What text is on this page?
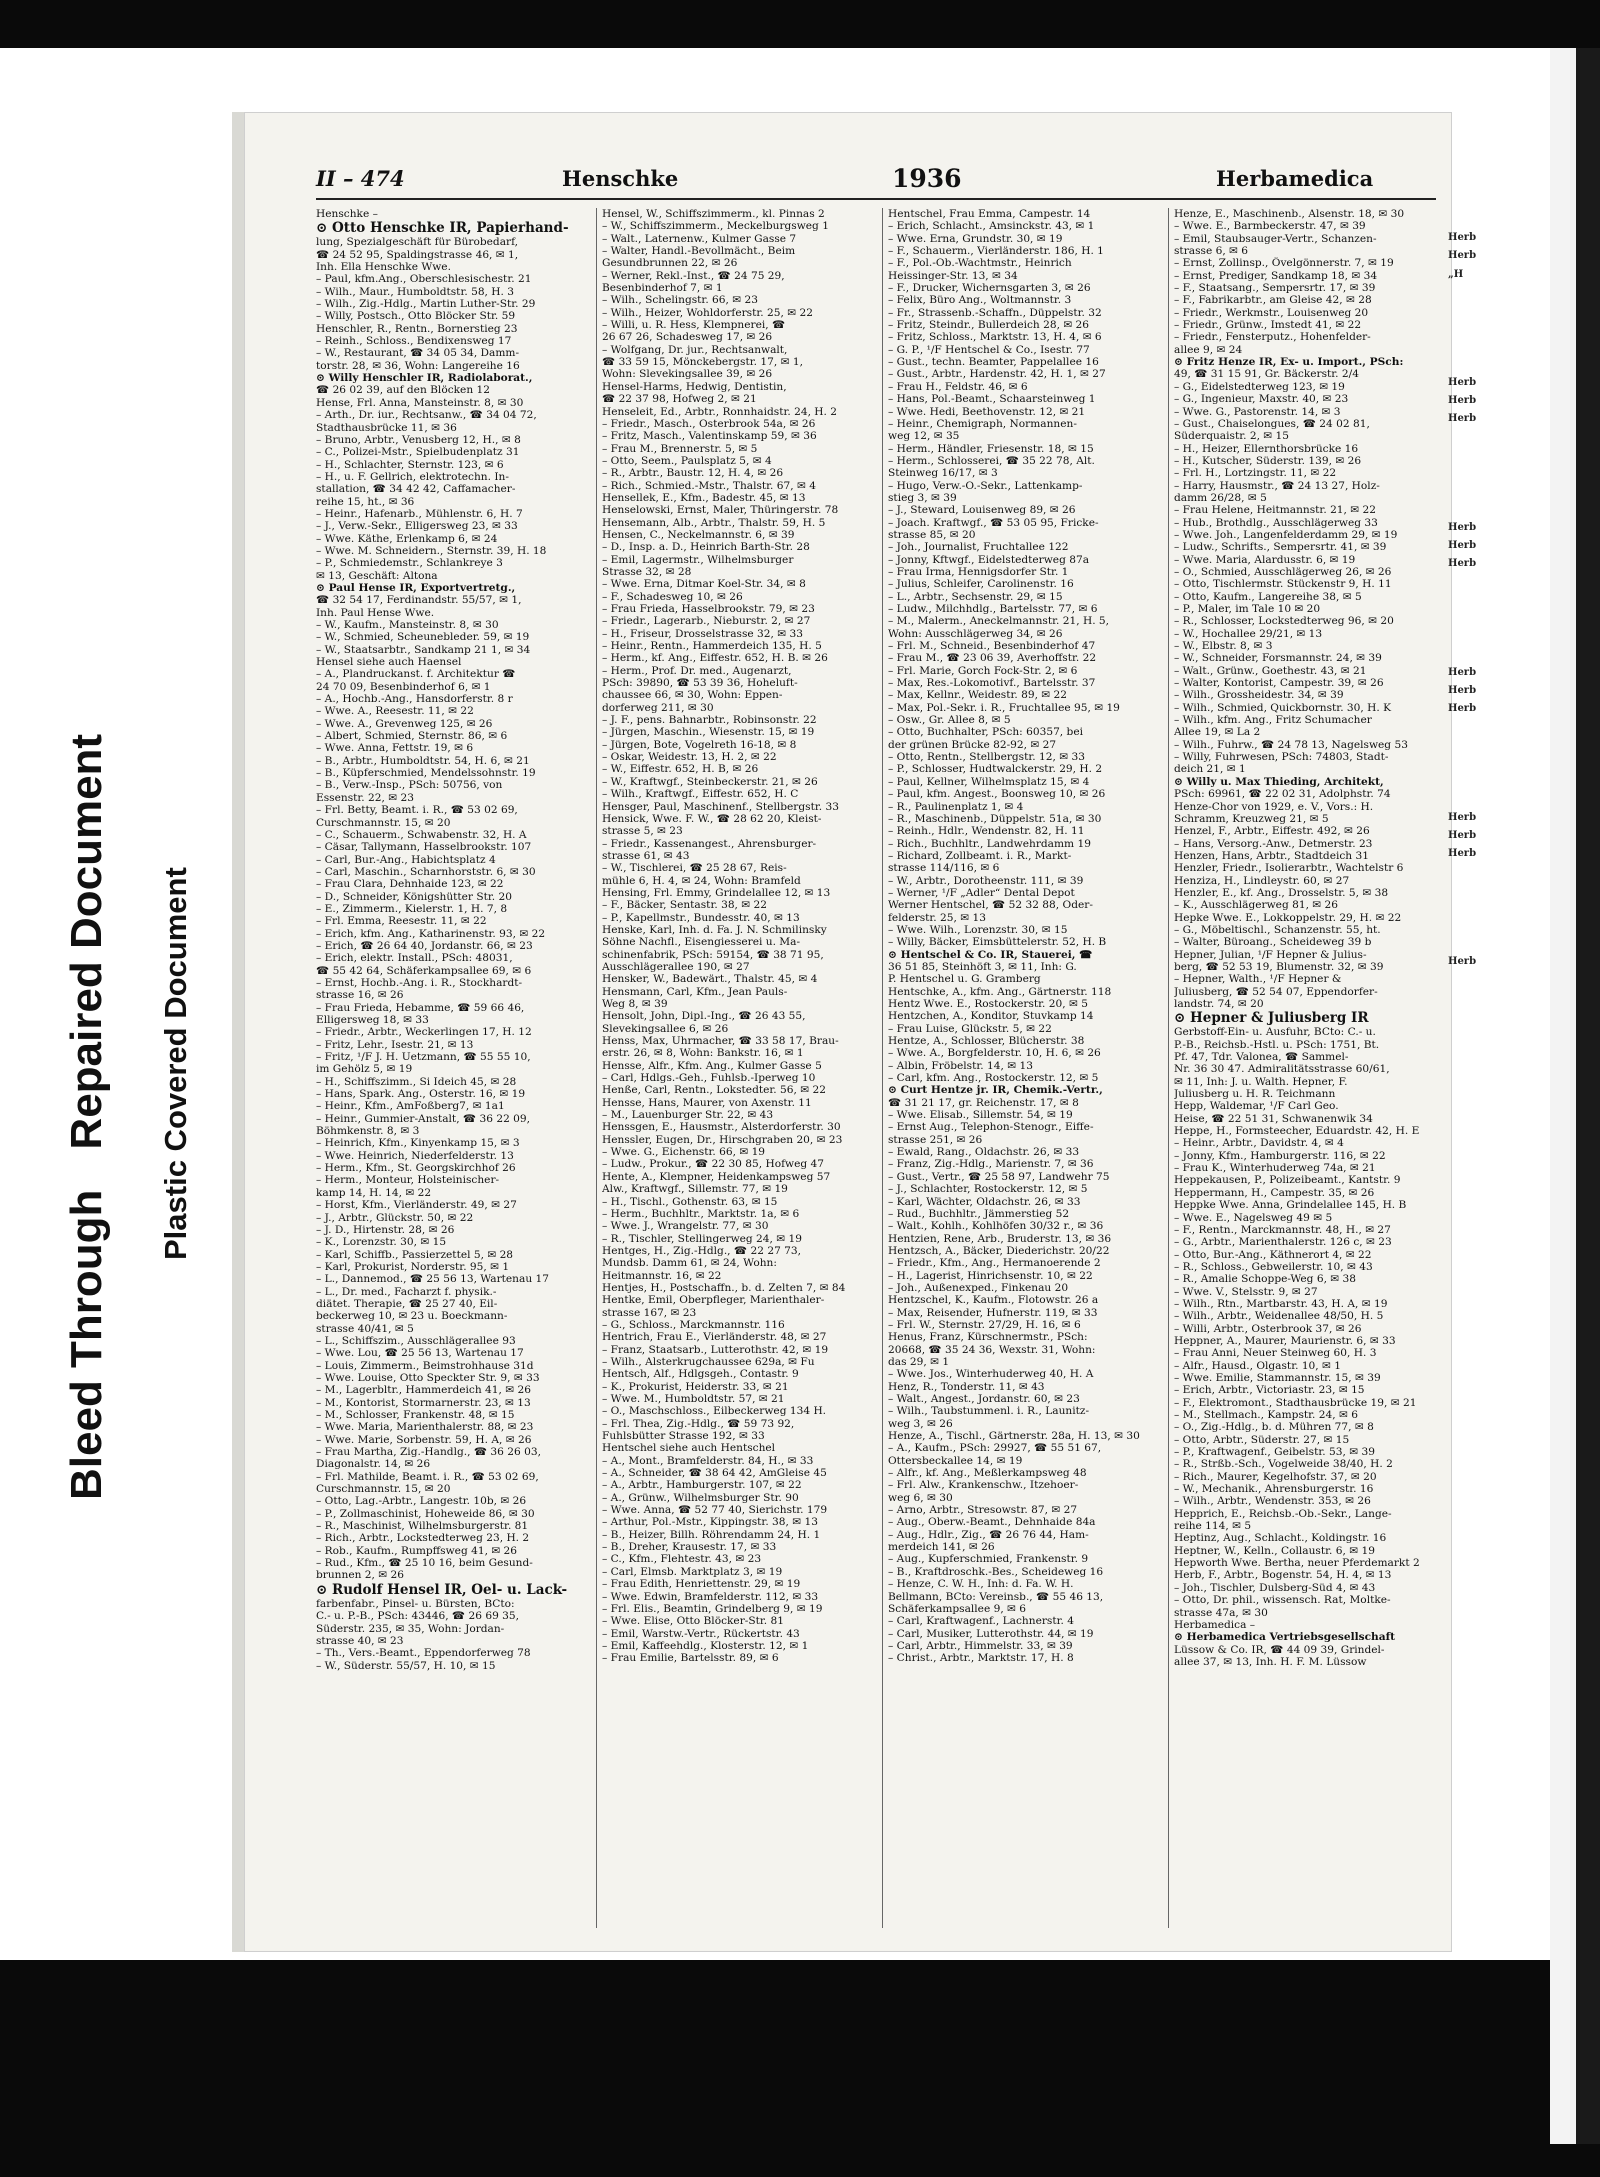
Bleed ThroughRepaired Document Plastic Covered Document
II – 474	Henschke	1936	Herbamedica
Henschke –
⊙ Otto Henschke IR, Papierhand-
lung, Spezialgeschäft für Bürobedarf,
☎ 24 52 95, Spaldingstrasse 46, ✉ 1,
Inh. Ella Henschke Wwe.
– Paul, kfm.Ang., Oberschlesischestr. 21
– Wilh., Maur., Humboldtstr. 58, H. 3
– Wilh., Zig.-Hdlg., Martin Luther-Str. 29
– Willy, Postsch., Otto Blöcker Str. 59
Henschler, R., Rentn., Bornerstieg 23
– Reinh., Schloss., Bendixensweg 17
– W., Restaurant, ☎ 34 05 34, Damm-
torstr. 28, ✉ 36, Wohn: Langereihe 16
⊙ Willy Henschler IR, Radiolaborat.,
☎ 26 02 39, auf den Blöcken 12
Hense, Frl. Anna, Mansteinstr. 8, ✉ 30
– Arth., Dr. iur., Rechtsanw., ☎ 34 04 72,
Stadthausbrücke 11, ✉ 36
– Bruno, Arbtr., Venusberg 12, H., ✉ 8
– C., Polizei-Mstr., Spielbudenplatz 31
– H., Schlachter, Sternstr. 123, ✉ 6
– H., u. F. Gellrich, elektrotechn. In-
stallation, ☎ 34 42 42, Caffamacher-
reihe 15, ht., ✉ 36
– Heinr., Hafenarb., Mühlenstr. 6, H. 7
– J., Verw.-Sekr., Elligersweg 23, ✉ 33
– Wwe. Käthe, Erlenkamp 6, ✉ 24
– Wwe. M. Schneidern., Sternstr. 39, H. 18
– P., Schmiedemstr., Schlankreye 3
✉ 13, Geschäft: Altona
⊙ Paul Hense IR, Exportvertretg.,
☎ 32 54 17, Ferdinandstr. 55/57, ✉ 1,
Inh. Paul Hense Wwe.
– W., Kaufm., Mansteinstr. 8, ✉ 30
– W., Schmied, Scheunebleder. 59, ✉ 19
– W., Staatsarbtr., Sandkamp 21 1, ✉ 34
Hensel siehe auch Haensel
– A., Plandruckanst. f. Architektur ☎
24 70 09, Besenbinderhof 6, ✉ 1
– A., Hochb.-Ang., Hansdorferstr. 8 r
– Wwe. A., Reesestr. 11, ✉ 22
– Wwe. A., Grevenweg 125, ✉ 26
– Albert, Schmied, Sternstr. 86, ✉ 6
– Wwe. Anna, Fettstr. 19, ✉ 6
– B., Arbtr., Humboldtstr. 54, H. 6, ✉ 21
– B., Küpferschmied, Mendelssohnstr. 19
– B., Verw.-Insp., PSch: 50756, von
Essenstr. 22, ✉ 23
– Frl. Betty, Beamt. i. R., ☎ 53 02 69,
Curschmannstr. 15, ✉ 20
– C., Schauerm., Schwabenstr. 32, H. A
– Cäsar, Tallymann, Hasselbrookstr. 107
– Carl, Bur.-Ang., Habichtsplatz 4
– Carl, Maschin., Scharnhorststr. 6, ✉ 30
– Frau Clara, Dehnhaide 123, ✉ 22
– D., Schneider, Königshütter Str. 20
– E., Zimmerm., Kielerstr. 1, H. 7, 8
– Frl. Emma, Reesestr. 11, ✉ 22
– Erich, kfm. Ang., Katharinenstr. 93, ✉ 22
– Erich, ☎ 26 64 40, Jordanstr. 66, ✉ 23
– Erich, elektr. Install., PSch: 48031,
☎ 55 42 64, Schäferkampsallee 69, ✉ 6
– Ernst, Hochb.-Ang. i. R., Stockhardt-
strasse 16, ✉ 26
– Frau Frieda, Hebamme, ☎ 59 66 46,
Elligersweg 18, ✉ 33
– Friedr., Arbtr., Weckerlingen 17, H. 12
– Fritz, Lehr., Isestr. 21, ✉ 13
– Fritz, ¹/F J. H. Uetzmann, ☎ 55 55 10,
im Gehölz 5, ✉ 19
– H., Schiffszimm., Si Ideich 45, ✉ 28
– Hans, Spark. Ang., Osterstr. 16, ✉ 19
– Heinr., Kfm., AmFoßberg7, ✉ 1a1
– Heinr., Gummier-Anstalt, ☎ 36 22 09,
Böhmkenstr. 8, ✉ 3
– Heinrich, Kfm., Kinyenkamp 15, ✉ 3
– Wwe. Heinrich, Niederfelderstr. 13
– Herm., Kfm., St. Georgskirchhof 26
– Herm., Monteur, Holsteinischer-
kamp 14, H. 14, ✉ 22
– Horst, Kfm., Vierländerstr. 49, ✉ 27
– J., Arbtr., Glückstr. 50, ✉ 22
– J. D., Hirtenstr. 28, ✉ 26
– K., Lorenzstr. 30, ✉ 15
– Karl, Schiffb., Passierzettel 5, ✉ 28
– Karl, Prokurist, Norderstr. 95, ✉ 1
– L., Dannemod., ☎ 25 56 13, Wartenau 17
– L., Dr. med., Facharzt f. physik.-
diätet. Therapie, ☎ 25 27 40, Eil-
beckerweg 10, ✉ 23 u. Boeckmann-
strasse 40/41, ✉ 5
– L., Schiffszim., Ausschlägerallee 93
– Wwe. Lou, ☎ 25 56 13, Wartenau 17
– Louis, Zimmerm., Beimstrohhause 31d
– Wwe. Louise, Otto Speckter Str. 9, ✉ 33
– M., Lagerbltr., Hammerdeich 41, ✉ 26
– M., Kontorist, Stormarnerstr. 23, ✉ 13
– M., Schlosser, Frankenstr. 48, ✉ 15
– Wwe. Maria, Marienthalerstr. 88, ✉ 23
– Wwe. Marie, Sorbenstr. 59, H. A, ✉ 26
– Frau Martha, Zig.-Handlg., ☎ 36 26 03,
Diagonalstr. 14, ✉ 26
– Frl. Mathilde, Beamt. i. R., ☎ 53 02 69,
Curschmannstr. 15, ✉ 20
– Otto, Lag.-Arbtr., Langestr. 10b, ✉ 26
– P., Zollmaschinist, Hoheweide 86, ✉ 30
– R., Maschinist, Wilhelmsburgerstr. 81
– Rich., Arbtr., Lockstedterweg 23, H. 2
– Rob., Kaufm., Rumpffsweg 41, ✉ 26
– Rud., Kfm., ☎ 25 10 16, beim Gesund-
brunnen 2, ✉ 26
⊙ Rudolf Hensel IR, Oel- u. Lack-
farbenfabr., Pinsel- u. Bürsten, BCto:
C.- u. P.-B., PSch: 43446, ☎ 26 69 35,
Süderstr. 235, ✉ 35, Wohn: Jordan-
strasse 40, ✉ 23
– Th., Vers.-Beamt., Eppendorferweg 78
– W., Süderstr. 55/57, H. 10, ✉ 15
Hensel, W., Schiffszimmerm., kl. Pinnas 2
– W., Schiffszimmerm., Meckelburgsweg 1
– Walt., Laternenw., Kulmer Gasse 7
– Walter, Handl.-Bevollmächt., Beim
Gesundbrunnen 22, ✉ 26
– Werner, Rekl.-Inst., ☎ 24 75 29,
Besenbinderhof 7, ✉ 1
– Wilh., Schelingstr. 66, ✉ 23
– Wilh., Heizer, Wohldorferstr. 25, ✉ 22
– Willi, u. R. Hess, Klempnerei, ☎
26 67 26, Schadesweg 17, ✉ 26
– Wolfgang, Dr. jur., Rechtsanwalt,
☎ 33 59 15, Mönckebergstr. 17, ✉ 1,
Wohn: Slevekingsallee 39, ✉ 26
Hensel-Harms, Hedwig, Dentistin,
☎ 22 37 98, Hofweg 2, ✉ 21
Henseleit, Ed., Arbtr., Ronnhaidstr. 24, H. 2
– Friedr., Masch., Osterbrook 54a, ✉ 26
– Fritz, Masch., Valentinskamp 59, ✉ 36
– Frau M., Brennerstr. 5, ✉ 5
– Otto, Seem., Paulsplatz 5, ✉ 4
– R., Arbtr., Baustr. 12, H. 4, ✉ 26
– Rich., Schmied.-Mstr., Thalstr. 67, ✉ 4
Hensellek, E., Kfm., Badestr. 45, ✉ 13
Henselowski, Ernst, Maler, Thüringerstr. 78
Hensemann, Alb., Arbtr., Thalstr. 59, H. 5
Hensen, C., Neckelmannstr. 6, ✉ 39
– D., Insp. a. D., Heinrich Barth-Str. 28
– Emil, Lagermstr., Wilhelmsburger
Strasse 32, ✉ 28
– Wwe. Erna, Ditmar Koel-Str. 34, ✉ 8
– F., Schadesweg 10, ✉ 26
– Frau Frieda, Hasselbrookstr. 79, ✉ 23
– Friedr., Lagerarb., Nieburstr. 2, ✉ 27
– H., Friseur, Drosselstrasse 32, ✉ 33
– Heinr., Rentn., Hammerdeich 135, H. 5
– Herm., kf. Ang., Eiffestr. 652, H. B. ✉ 26
– Herm., Prof. Dr. med., Augenarzt,
PSch: 39890, ☎ 53 39 36, Hoheluft-
chaussee 66, ✉ 30, Wohn: Eppen-
dorferweg 211, ✉ 30
– J. F., pens. Bahnarbtr., Robinsonstr. 22
– Jürgen, Maschin., Wiesenstr. 15, ✉ 19
– Jürgen, Bote, Vogelreth 16-18, ✉ 8
– Oskar, Weidestr. 13, H. 2, ✉ 22
– W., Eiffestr. 652, H. B, ✉ 26
– W., Kraftwgf., Steinbeckerstr. 21, ✉ 26
– Wilh., Kraftwgf., Eiffestr. 652, H. C
Hensger, Paul, Maschinenf., Stellbergstr. 33
Hensick, Wwe. F. W., ☎ 28 62 20, Kleist-
strasse 5, ✉ 23
– Friedr., Kassenangest., Ahrensburger-
strasse 61, ✉ 43
– W., Tischlerei, ☎ 25 28 67, Reis-
mühle 6, H. 4, ✉ 24, Wohn: Bramfeld
Hensing, Frl. Emmy, Grindelallee 12, ✉ 13
– F., Bäcker, Sentastr. 38, ✉ 22
– P., Kapellmstr., Bundesstr. 40, ✉ 13
Henske, Karl, Inh. d. Fa. J. N. Schmilinsky
Söhne Nachfl., Eisengiesserei u. Ma-
schinenfabrik, PSch: 59154, ☎ 38 71 95,
Ausschlägerallee 190, ✉ 27
Hensker, W., Badewärt., Thalstr. 45, ✉ 4
Hensmann, Carl, Kfm., Jean Pauls-
Weg 8, ✉ 39
Hensolt, John, Dipl.-Ing., ☎ 26 43 55,
Slevekingsallee 6, ✉ 26
Henss, Max, Uhrmacher, ☎ 33 58 17, Brau-
erstr. 26, ✉ 8, Wohn: Bankstr. 16, ✉ 1
Hensse, Alfr., Kfm. Ang., Kulmer Gasse 5
– Carl, Hdlgs.-Geh., Fuhlsb.-Iperweg 10
Henße, Carl, Rentn., Lokstedter. 56, ✉ 22
Hensse, Hans, Maurer, von Axenstr. 11
– M., Lauenburger Str. 22, ✉ 43
Henssgen, E., Hausmstr., Alsterdorferstr. 30
Henssler, Eugen, Dr., Hirschgraben 20, ✉ 23
– Wwe. G., Eichenstr. 66, ✉ 19
– Ludw., Prokur., ☎ 22 30 85, Hofweg 47
Hente, A., Klempner, Heidenkampsweg 57
Alw., Kraftwgf., Sillemstr. 77, ✉ 19
– H., Tischl., Gothenstr. 63, ✉ 15
– Herm., Buchhltr., Marktstr. 1a, ✉ 6
– Wwe. J., Wrangelstr. 77, ✉ 30
– R., Tischler, Stellingerweg 24, ✉ 19
Hentges, H., Zig.-Hdlg., ☎ 22 27 73,
Mundsb. Damm 61, ✉ 24, Wohn:
Heitmannstr. 16, ✉ 22
Hentjes, H., Postschaffn., b. d. Zelten 7, ✉ 84
Hentke, Emil, Oberpfleger, Marienthaler-
strasse 167, ✉ 23
– G., Schloss., Marckmannstr. 116
Hentrich, Frau E., Vierländerstr. 48, ✉ 27
– Franz, Staatsarb., Lutterothstr. 42, ✉ 19
– Wilh., Alsterkrugchaussee 629a, ✉ Fu
Hentsch, Alf., Hdlgsgeh., Contastr. 9
– K., Prokurist, Heiderstr. 33, ✉ 21
– Wwe. M., Humboldtstr. 57, ✉ 21
– O., Maschschloss., Eilbeckerweg 134 H.
– Frl. Thea, Zig.-Hdlg., ☎ 59 73 92,
Fuhlsbütter Strasse 192, ✉ 33
Hentschel siehe auch Hentschel
– A., Mont., Bramfelderstr. 84, H., ✉ 33
– A., Schneider, ☎ 38 64 42, AmGleise 45
– A., Arbtr., Hamburgerstr. 107, ✉ 22
– A., Grünw., Wilhelmsburger Str. 90
– Wwe. Anna, ☎ 52 77 40, Sierichstr. 179
– Arthur, Pol.-Mstr., Kippingstr. 38, ✉ 13
– B., Heizer, Billh. Röhrendamm 24, H. 1
– B., Dreher, Krausestr. 17, ✉ 33
– C., Kfm., Flehtestr. 43, ✉ 23
– Carl, Elmsb. Marktplatz 3, ✉ 19
– Frau Edith, Henriettenstr. 29, ✉ 19
– Wwe. Edwin, Bramfelderstr. 112, ✉ 33
– Frl. Elis., Beamtin, Grindelberg 9, ✉ 19
– Wwe. Elise, Otto Blöcker-Str. 81
– Emil, Warstw.-Vertr., Rückertstr. 43
– Emil, Kaffeehdlg., Klosterstr. 12, ✉ 1
– Frau Emilie, Bartelsstr. 89, ✉ 6
Hentschel, Frau Emma, Campestr. 14
– Erich, Schlacht., Amsinckstr. 43, ✉ 1
– Wwe. Erna, Grundstr. 30, ✉ 19
– F., Schauerm., Vierländerstr. 186, H. 1
– F., Pol.-Ob.-Wachtmstr., Heinrich
Heissinger-Str. 13, ✉ 34
– F., Drucker, Wichernsgarten 3, ✉ 26
– Felix, Büro Ang., Woltmannstr. 3
– Fr., Strassenb.-Schaffn., Düppelstr. 32
– Fritz, Steindr., Bullerdeich 28, ✉ 26
– Fritz, Schloss., Marktstr. 13, H. 4, ✉ 6
– G. P., ¹/F Hentschel & Co., Isestr. 77
– Gust., techn. Beamter, Pappelallee 16
– Gust., Arbtr., Hardenstr. 42, H. 1, ✉ 27
– Frau H., Feldstr. 46, ✉ 6
– Hans, Pol.-Beamt., Schaarsteinweg 1
– Wwe. Hedi, Beethovenstr. 12, ✉ 21
– Heinr., Chemigraph, Normannen-
weg 12, ✉ 35
– Herm., Händler, Friesenstr. 18, ✉ 15
– Herm., Schlosserei, ☎ 35 22 78, Alt.
Steinweg 16/17, ✉ 3
– Hugo, Verw.-O.-Sekr., Lattenkamp-
stieg 3, ✉ 39
– J., Steward, Louisenweg 89, ✉ 26
– Joach. Kraftwgf., ☎ 53 05 95, Fricke-
strasse 85, ✉ 20
– Joh., Journalist, Fruchtallee 122
– Jonny, Kftwgf., Eidelstedterweg 87a
– Frau Irma, Hennigsdorfer Str. 1
– Julius, Schleifer, Carolinenstr. 16
– L., Arbtr., Sechsenstr. 29, ✉ 15
– Ludw., Milchhdlg., Bartelsstr. 77, ✉ 6
– M., Malerm., Aneckelmannstr. 21, H. 5,
Wohn: Ausschlägerweg 34, ✉ 26
– Frl. M., Schneid., Besenbinderhof 47
– Frau M., ☎ 23 06 39, Averhoffstr. 22
– Frl. Marie, Gorch Fock-Str. 2, ✉ 6
– Max, Res.-Lokomotivf., Bartelsstr. 37
– Max, Kellnr., Weidestr. 89, ✉ 22
– Max, Pol.-Sekr. i. R., Fruchtallee 95, ✉ 19
– Osw., Gr. Allee 8, ✉ 5
– Otto, Buchhalter, PSch: 60357, bei
der grünen Brücke 82-92, ✉ 27
– Otto, Rentn., Stellbergstr. 12, ✉ 33
– P., Schlosser, Hudtwalckerstr. 29, H. 2
– Paul, Kellner, Wilhelmsplatz 15, ✉ 4
– Paul, kfm. Angest., Boonsweg 10, ✉ 26
– R., Paulinenplatz 1, ✉ 4
– R., Maschinenb., Düppelstr. 51a, ✉ 30
– Reinh., Hdlr., Wendenstr. 82, H. 11
– Rich., Buchhltr., Landwehrdamm 19
– Richard, Zollbeamt. i. R., Markt-
strasse 114/116, ✉ 6
– W., Arbtr., Dorotheenstr. 111, ✉ 39
– Werner, ¹/F „Adler“ Dental Depot
Werner Hentschel, ☎ 52 32 88, Oder-
felderstr. 25, ✉ 13
– Wwe. Wilh., Lorenzstr. 30, ✉ 15
– Willy, Bäcker, Eimsbüttelerstr. 52, H. B
⊙ Hentschel & Co. IR, Stauerei, ☎
36 51 85, Steinhöft 3, ✉ 11, Inh: G.
P. Hentschel u. G. Gramberg
Hentschke, A., kfm. Ang., Gärtnerstr. 118
Hentz Wwe. E., Rostockerstr. 20, ✉ 5
Hentzchen, A., Konditor, Stuvkamp 14
– Frau Luise, Glückstr. 5, ✉ 22
Hentze, A., Schlosser, Blücherstr. 38
– Wwe. A., Borgfelderstr. 10, H. 6, ✉ 26
– Albin, Fröbelstr. 14, ✉ 13
– Carl, kfm. Ang., Rostockerstr. 12, ✉ 5
⊙ Curt Hentze jr. IR, Chemik.-Vertr.,
☎ 31 21 17, gr. Reichenstr. 17, ✉ 8
– Wwe. Elisab., Sillemstr. 54, ✉ 19
– Ernst Aug., Telephon-Stenogr., Eiffe-
strasse 251, ✉ 26
– Ewald, Rang., Oldachstr. 26, ✉ 33
– Franz, Zig.-Hdlg., Marienstr. 7, ✉ 36
– Gust., Vertr., ☎ 25 58 97, Landwehr 75
– J., Schlachter, Rostockerstr. 12, ✉ 5
– Karl, Wächter, Oldachstr. 26, ✉ 33
– Rud., Buchhltr., Jämmerstieg 52
– Walt., Kohlh., Kohlhöfen 30/32 r., ✉ 36
Hentzien, Rene, Arb., Bruderstr. 13, ✉ 36
Hentzsch, A., Bäcker, Diederichstr. 20/22
– Friedr., Kfm., Ang., Hermanoerende 2
– H., Lagerist, Hinrichsenstr. 10, ✉ 22
– Joh., Außenexped., Finkenau 20
Hentzschel, K., Kaufm., Flotowstr. 26 a
– Max, Reisender, Hufnerstr. 119, ✉ 33
– Frl. W., Sternstr. 27/29, H. 16, ✉ 6
Henus, Franz, Kürschnermstr., PSch:
20668, ☎ 35 24 36, Wexstr. 31, Wohn:
das 29, ✉ 1
– Wwe. Jos., Winterhuderweg 40, H. A
Henz, R., Tonderstr. 11, ✉ 43
– Walt., Angest., Jordanstr. 60, ✉ 23
– Wilh., Taubstummenl. i. R., Launitz-
weg 3, ✉ 26
Henze, A., Tischl., Gärtnerstr. 28a, H. 13, ✉ 30
– A., Kaufm., PSch: 29927, ☎ 55 51 67,
Ottersbeckallee 14, ✉ 19
– Alfr., kf. Ang., Meßlerkampsweg 48
– Frl. Alw., Krankenschw., Itzehoer-
weg 6, ✉ 30
– Arno, Arbtr., Stresowstr. 87, ✉ 27
– Aug., Oberw.-Beamt., Dehnhaide 84a
– Aug., Hdlr., Zig., ☎ 26 76 44, Ham-
merdeich 141, ✉ 26
– Aug., Kupferschmied, Frankenstr. 9
– B., Kraftdroschk.-Bes., Scheideweg 16
– Henze, C. W. H., Inh: d. Fa. W. H.
Bellmann, BCto: Vereinsb., ☎ 55 46 13,
Schäferkampsallee 9, ✉ 6
– Carl, Kraftwagenf., Lachnerstr. 4
– Carl, Musiker, Lutterothstr. 44, ✉ 19
– Carl, Arbtr., Himmelstr. 33, ✉ 39
– Christ., Arbtr., Marktstr. 17, H. 8
Henze, E., Maschinenb., Alsenstr. 18, ✉ 30
– Wwe. E., Barmbeckerstr. 47, ✉ 39
– Emil, Staubsauger-Vertr., Schanzen-
strasse 6, ✉ 6
– Ernst, Zollinsp., Övelgönnerstr. 7, ✉ 19
– Ernst, Prediger, Sandkamp 18, ✉ 34
– F., Staatsang., Sempersrtr. 17, ✉ 39
– F., Fabrikarbtr., am Gleise 42, ✉ 28
– Friedr., Werkmstr., Louisenweg 20
– Friedr., Grünw., Imstedt 41, ✉ 22
– Friedr., Fensterputz., Hohenfelder-
allee 9, ✉ 24
⊙ Fritz Henze IR, Ex- u. Import., PSch:
49, ☎ 31 15 91, Gr. Bäckerstr. 2/4
– G., Eidelstedterweg 123, ✉ 19
– G., Ingenieur, Maxstr. 40, ✉ 23
– Wwe. G., Pastorenstr. 14, ✉ 3
– Gust., Chaiselongues, ☎ 24 02 81,
Süderquaistr. 2, ✉ 15
– H., Heizer, Ellernthorsbrücke 16
– H., Kutscher, Süderstr. 139, ✉ 26
– Frl. H., Lortzingstr. 11, ✉ 22
– Harry, Hausmstr., ☎ 24 13 27, Holz-
damm 26/28, ✉ 5
– Frau Helene, Heitmannstr. 21, ✉ 22
– Hub., Brothdlg., Ausschlägerweg 33
– Wwe. Joh., Langenfelderdamm 29, ✉ 19
– Ludw., Schrifts., Sempersrtr. 41, ✉ 39
– Wwe. Maria, Alardusstr. 6, ✉ 19
– O., Schmied, Ausschlägerweg 26, ✉ 26
– Otto, Tischlermstr. Stückenstr 9, H. 11
– Otto, Kaufm., Langereihe 38, ✉ 5
– P., Maler, im Tale 10 ✉ 20
– R., Schlosser, Lockstedterweg 96, ✉ 20
– W., Hochallee 29/21, ✉ 13
– W., Elbstr. 8, ✉ 3
– W., Schneider, Forsmannstr. 24, ✉ 39
– Walt., Grünw., Goethestr. 43, ✉ 21
– Walter, Kontorist, Campestr. 39, ✉ 26
– Wilh., Grossheidestr. 34, ✉ 39
– Wilh., Schmied, Quickbornstr. 30, H. K
– Wilh., kfm. Ang., Fritz Schumacher
Allee 19, ✉ La 2
– Wilh., Fuhrw., ☎ 24 78 13, Nagelsweg 53
– Willy, Fuhrwesen, PSch: 74803, Stadt-
deich 21, ✉ 1
⊙ Willy u. Max Thieding, Architekt,
PSch: 69961, ☎ 22 02 31, Adolphstr. 74
Henze-Chor von 1929, e. V., Vors.: H.
Schramm, Kreuzweg 21, ✉ 5
Henzel, F., Arbtr., Eiffestr. 492, ✉ 26
– Hans, Versorg.-Anw., Detmerstr. 23
Henzen, Hans, Arbtr., Stadtdeich 31
Henzler, Friedr., Isolierarbtr., Wachtelstr 6
Henziza, H., Lindleystr. 60, ✉ 27
Henzler, E., kf. Ang., Drosselstr. 5, ✉ 38
– K., Ausschlägerweg 81, ✉ 26
Hepke Wwe. E., Lokkoppelstr. 29, H. ✉ 22
– G., Möbeltischl., Schanzenstr. 55, ht.
– Walter, Büroang., Scheideweg 39 b
Hepner, Julian, ¹/F Hepner & Julius-
berg, ☎ 52 53 19, Blumenstr. 32, ✉ 39
– Hepner, Walth., ¹/F Hepner &
Juliusberg, ☎ 52 54 07, Eppendorfer-
landstr. 74, ✉ 20
⊙ Hepner & Juliusberg IR
Gerbstoff-Ein- u. Ausfuhr, BCto: C.- u.
P.-B., Reichsb.-Hstl. u. PSch: 1751, Bt.
Pf. 47, Tdr. Valonea, ☎ Sammel-
Nr. 36 30 47. Admiralitätsstrasse 60/61,
✉ 11, Inh: J. u. Walth. Hepner, F.
Juliusberg u. H. R. Teichmann
Hepp, Waldemar, ¹/F Carl Geo.
Heise, ☎ 22 51 31, Schwanenwik 34
Heppe, H., Formsteecher, Eduardstr. 42, H. E
– Heinr., Arbtr., Davidstr. 4, ✉ 4
– Jonny, Kfm., Hamburgerstr. 116, ✉ 22
– Frau K., Winterhuderweg 74a, ✉ 21
Heppekausen, P., Polizeibeamt., Kantstr. 9
Heppermann, H., Campestr. 35, ✉ 26
Heppke Wwe. Anna, Grindelallee 145, H. B
– Wwe. E., Nagelsweg 49 ✉ 5
– F., Rentn., Marckmannstr. 48, H., ✉ 27
– G., Arbtr., Marienthalerstr. 126 c, ✉ 23
– Otto, Bur.-Ang., Käthnerort 4, ✉ 22
– R., Schloss., Gebweilerstr. 10, ✉ 43
– R., Amalie Schoppe-Weg 6, ✉ 38
– Wwe. V., Stelsstr. 9, ✉ 27
– Wilh., Rtn., Martbarstr. 43, H. A, ✉ 19
– Wilh., Arbtr., Weidenallee 48/50, H. 5
– Willi, Arbtr., Osterbrook 37, ✉ 26
Heppner, A., Maurer, Maurienstr. 6, ✉ 33
– Frau Anni, Neuer Steinweg 60, H. 3
– Alfr., Hausd., Olgastr. 10, ✉ 1
– Wwe. Emilie, Stammannstr. 15, ✉ 39
– Erich, Arbtr., Victoriastr. 23, ✉ 15
– F., Elektromont., Stadthausbrücke 19, ✉ 21
– M., Stellmach., Kampstr. 24, ✉ 6
– O., Zig.-Hdlg., b. d. Mühren 77, ✉ 8
– Otto, Arbtr., Süderstr. 27, ✉ 15
– P., Kraftwagenf., Geibelstr. 53, ✉ 39
– R., Strßb.-Sch., Vogelweide 38/40, H. 2
– Rich., Maurer, Kegelhofstr. 37, ✉ 20
– W., Mechanik., Ahrensburgerstr. 16
– Wilh., Arbtr., Wendenstr. 353, ✉ 26
Hepprich, E., Reichsb.-Ob.-Sekr., Lange-
reihe 114, ✉ 5
Heptinz, Aug., Schlacht., Koldingstr. 16
Heptner, W., Kelln., Collaustr. 6, ✉ 19
Hepworth Wwe. Bertha, neuer Pferdemarkt 2
Herb, F., Arbtr., Bogenstr. 54, H. 4, ✉ 13
– Joh., Tischler, Dulsberg-Süd 4, ✉ 43
– Otto, Dr. phil., wissensch. Rat, Moltke-
strasse 47a, ✉ 30
Herbamedica –
⊙ Herbamedica Vertriebsgesellschaft
Lüssow & Co. IR, ☎ 44 09 39, Grindel-
allee 37, ✉ 13, Inh. H. F. M. Lüssow
Herb
Herb
„H
Herb
Herb
Herb
Herb
Herb
Herb
Herb
Herb
Herb
Herb
Herb
Herb
Herb
